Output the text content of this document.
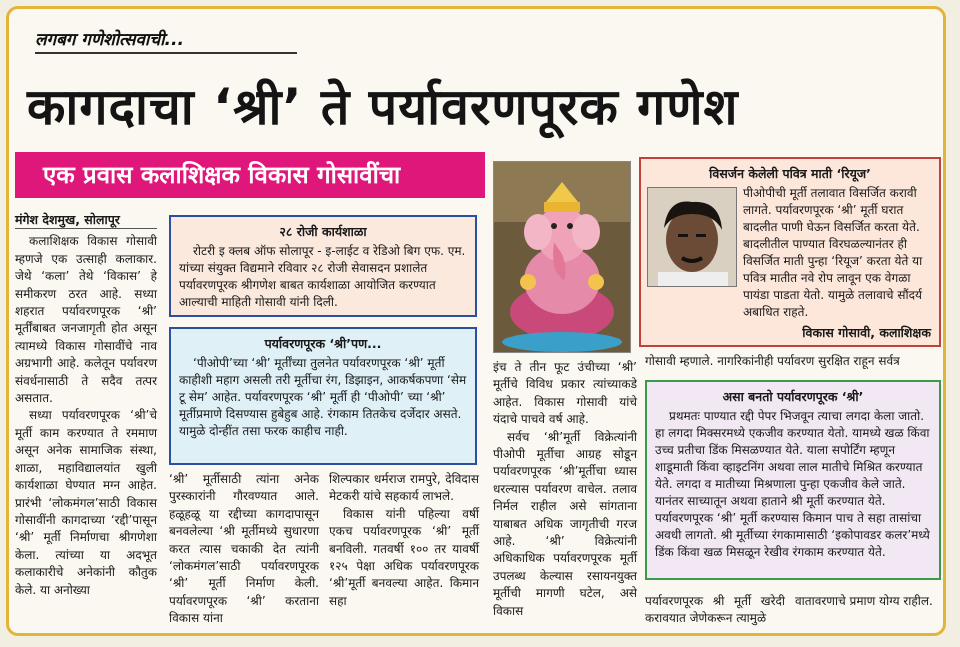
लगबग गणेशोत्सवाची...
कागदाचा ‘श्री’ ते पर्यावरणपूरक गणेश
एक प्रवास कलाशिक्षक विकास गोसावींचा
मंगेश देशमुख, सोलापूर
कलाशिक्षक विकास गोसावी म्हणजे एक उत्साही कलाकार. जेथे ‘कला’ तेथे ‘विकास’ हे समीकरण ठरत आहे. सध्या शहरात पर्यावरणपूरक ‘श्री’ मूर्तींबाबत जनजागृती होत असून त्यामध्ये विकास गोसावींचे नाव अग्रभागी आहे. कलेतून पर्यावरण संवर्धनासाठी ते सदैव तत्पर असतात.
सध्या पर्यावरणपूरक ‘श्री’चे मूर्ती काम करण्यात ते रममाण असून अनेक सामाजिक संस्था, शाळा, महाविद्यालयांत खुली कार्यशाळा घेण्यात मग्न आहेत. प्रारंभी ‘लोकमंगल’साठी विकास गोसावींनी कागदाच्या ‘रद्दी’पासून ‘श्री’ मूर्ती निर्माणचा श्रीगणेशा केला. त्यांच्या या अदभूत कलाकारीचे अनेकांनी कौतुक केले. या अनोख्या
२८ रोजी कार्यशाळा
रोटरी इ क्लब ऑफ सोलापूर - इ-लाईट व रेडिओ बिग एफ. एम. यांच्या संयुक्त विद्यमाने रविवार २८ रोजी सेवासदन प्रशालेत पर्यावरणपूरक श्रीगणेश बाबत कार्यशाळा आयोजित करण्यात आल्याची माहिती गोसावी यांनी दिली.
पर्यावरणपूरक ‘श्री’पण...
‘पीओपी’च्या ‘श्री’ मूर्तींच्या तुलनेत पर्यावरणपूरक ‘श्री’ मूर्ती काहीशी महाग असली तरी मूर्तीचा रंग, डिझाइन, आकर्षकपणा ‘सेम टू सेम’ आहेत. पर्यावरणपूरक ‘श्री’ मूर्ती ही ‘पीओपी’ च्या ‘श्री’ मूर्तीप्रमाणे दिसण्यास हुबेहुब आहे. रंगकाम तितकेच दर्जेदार असते. यामुळे दोन्हींत तसा फरक काहीच नाही.
‘श्री’ मूर्तीसाठी त्यांना अनेक पुरस्कारांनी गौरवण्यात आले. हळूहळू या रद्दीच्या कागदापासून बनवलेल्या ‘श्री मूर्तीमध्ये सुधारणा करत त्यास चकाकी देत त्यांनी ‘लोकमंगल’साठी पर्यावरणपूरक ‘श्री’ मूर्ती निर्माण केली. पर्यावरणपूरक ‘श्री’ करताना विकास यांना
शिल्पकार धर्मराज रामपुरे, देविदास मेटकरी यांचे सहकार्य लाभले.
विकास यांनी पहिल्या वर्षी एकच पर्यावरणपूरक ‘श्री’ मूर्ती बनविली. गतवर्षी १०० तर यावर्षी १२५ पेक्षा अधिक पर्यावरणपूरक ‘श्री’मूर्ती बनवल्या आहेत. किमान सहा
इंच ते तीन फूट उंचीच्या ‘श्री’ मूर्तीचे विविध प्रकार त्यांच्याकडे आहेत. विकास गोसावी यांचे यंदाचे पाचवे वर्ष आहे.
सर्वच ‘श्री’मूर्ती विक्रेत्यांनी पीओपी मूर्तीचा आग्रह सोडून पर्यावरणपूरक ‘श्री’मूर्तीचा ध्यास धरल्यास पर्यावरण वाचेल. तलाव निर्मल राहील असे सांगताना याबाबत अधिक जागृतीची गरज आहे. ‘श्री’ विक्रेत्यांनी अधिकाधिक पर्यावरणपूरक मूर्ती उपलब्ध केल्यास रसायनयुक्त मूर्तीची मागणी घटेल, असे विकास
विसर्जन केलेली पवित्र माती ‘रियूज’
पीओपीची मूर्ती तलावात विसर्जित करावी लागते. पर्यावरणपूरक ‘श्री’ मूर्ती घरात बादलीत पाणी घेऊन विसर्जित करता येते. बादलीतील पाण्यात विरघळल्यानंतर ही विसर्जित माती पुन्हा ‘रियूज’ करता येते या पवित्र मातीत नवे रोप लावून एक वेगळा पायंडा पाडता येतो. यामुळे तलावाचे सौंदर्य अबाधित राहते.
विकास गोसावी, कलाशिक्षक
गोसावी म्हणाले. नागरिकांनीही पर्यावरण सुरक्षित राहून सर्वत्र
असा बनतो पर्यावरणपूरक ‘श्री’
प्रथमतः पाण्यात रद्दी पेपर भिजवून त्याचा लगदा केला जातो. हा लगदा मिक्सरमध्ये एकजीव करण्यात येतो. यामध्ये खळ किंवा उच्च प्रतीचा डिंक मिसळण्यात येते. याला सपोर्टिंग म्हणून शाडूमाती किंवा व्हाइटनिंग अथवा लाल मातीचे मिश्रित करण्यात येते. लगदा व मातीच्या मिश्रणाला पुन्हा एकजीव केले जाते. यानंतर साच्यातून अथवा हाताने श्री मूर्ती करण्यात येते. पर्यावरणपूरक ‘श्री’ मूर्ती करण्यास किमान पाच ते सहा तासांचा अवधी लागतो. श्री मूर्तीच्या रंगकामासाठी ‘इकोपावडर कलर’मध्ये डिंक किंवा खळ मिसळून रेखीव रंगकाम करण्यात येते.
पर्यावरणपूरक श्री मूर्ती खरेदी करावयात जेणेकरून त्यामुळे
वातावरणाचे प्रमाण योग्य राहील.
